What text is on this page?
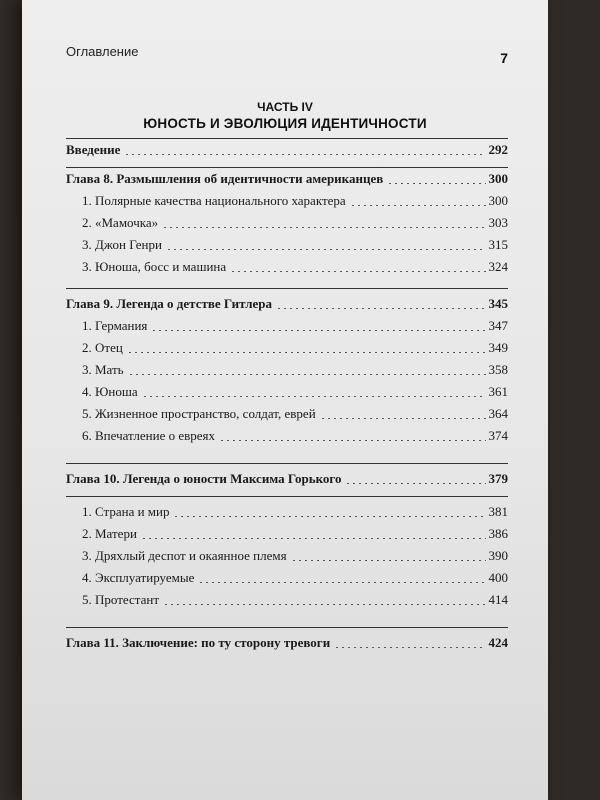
Оглавление	7
ЧАСТЬ IV
ЮНОСТЬ И ЭВОЛЮЦИЯ ИДЕНТИЧНОСТИ
Введение	292
Глава 8. Размышления об идентичности американцев	300
1. Полярные качества национального характера	300
2. «Мамочка»	303
3. Джон Генри	315
3. Юноша, босс и машина	324
Глава 9. Легенда о детстве Гитлера	345
1. Германия	347
2. Отец	349
3. Мать	358
4. Юноша	361
5. Жизненное пространство, солдат, еврей	364
6. Впечатление о евреях	374
Глава 10. Легенда о юности Максима Горького	379
1. Страна и мир	381
2. Матери	386
3. Дряхлый деспот и окаянное племя	390
4. Эксплуатируемые	400
5. Протестант	414
Глава 11. Заключение: по ту сторону тревоги	424
